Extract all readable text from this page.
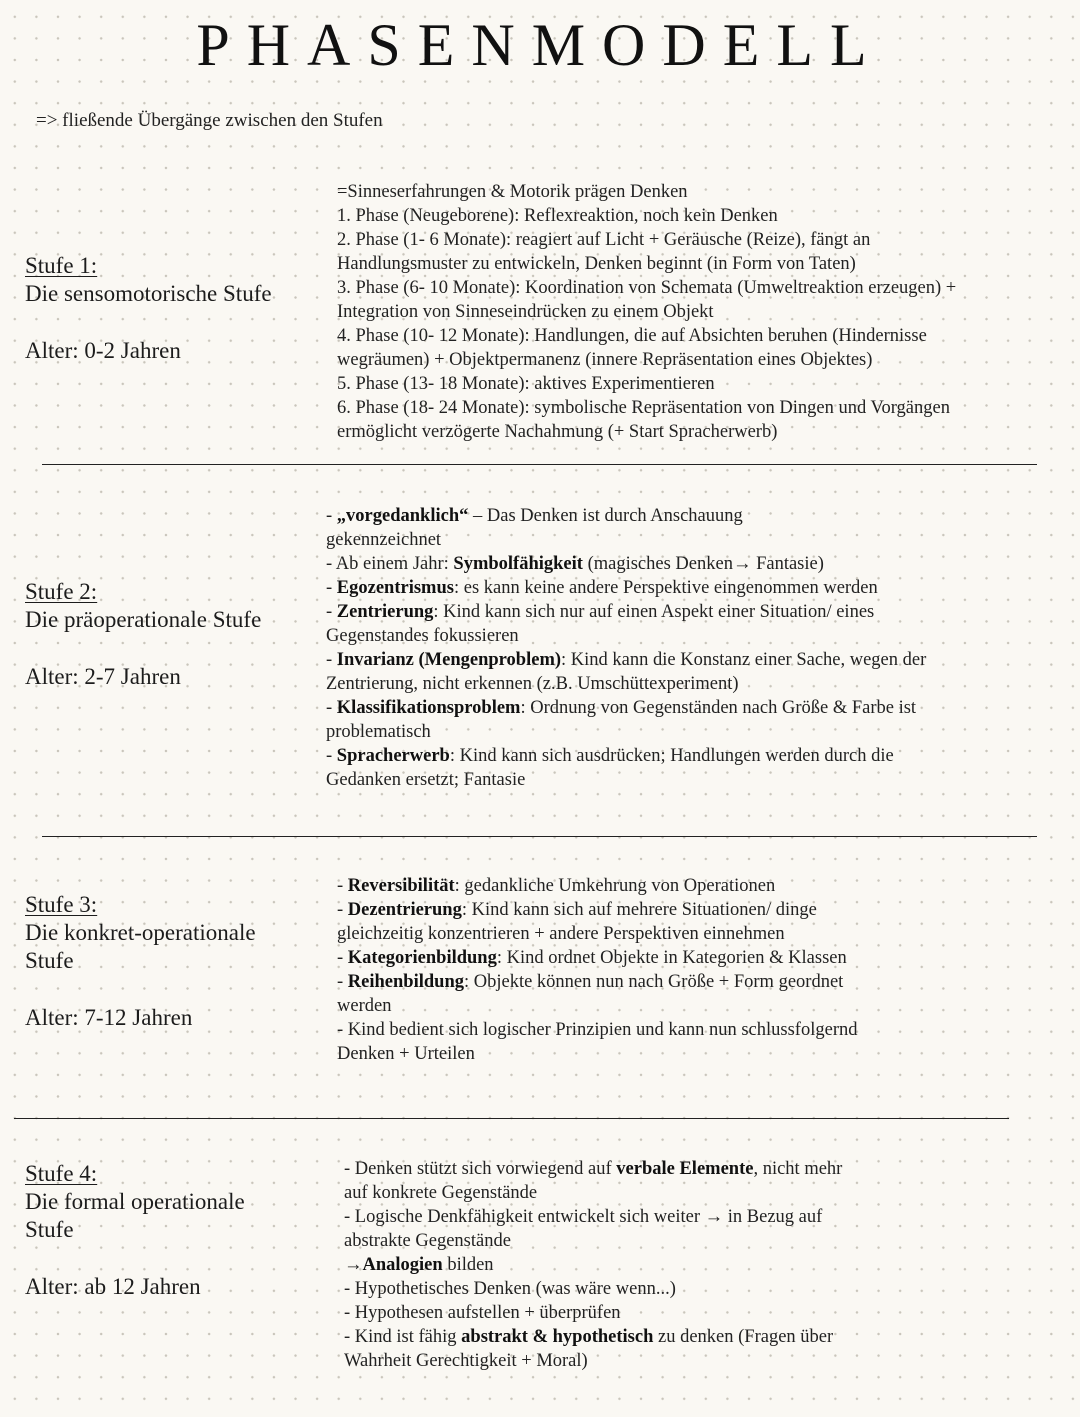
PHASENMODELL
=> fließende Übergänge zwischen den Stufen
Stufe 1:
Die sensomotorische Stufe
Alter: 0-2 Jahren
=Sinneserfahrungen & Motorik prägen Denken
1. Phase (Neugeborene): Reflexreaktion, noch kein Denken
2. Phase (1- 6 Monate): reagiert auf Licht + Geräusche (Reize), fängt an
Handlungsmuster zu entwickeln, Denken beginnt (in Form von Taten)
3. Phase (6- 10 Monate): Koordination von Schemata (Umweltreaktion erzeugen) +
Integration von Sinneseindrücken zu einem Objekt
4. Phase (10- 12 Monate): Handlungen, die auf Absichten beruhen (Hindernisse
wegräumen) + Objektpermanenz (innere Repräsentation eines Objektes)
5. Phase (13- 18 Monate): aktives Experimentieren
6. Phase (18- 24 Monate): symbolische Repräsentation von Dingen und Vorgängen
ermöglicht verzögerte Nachahmung (+ Start Spracherwerb)
Stufe 2:
Die präoperationale Stufe
Alter: 2-7 Jahren
- „vorgedanklich“ – Das Denken ist durch Anschauung
gekennzeichnet
- Ab einem Jahr: Symbolfähigkeit (magisches Denken→ Fantasie)
- Egozentrismus: es kann keine andere Perspektive eingenommen werden
- Zentrierung: Kind kann sich nur auf einen Aspekt einer Situation/ eines
Gegenstandes fokussieren
- Invarianz (Mengenproblem): Kind kann die Konstanz einer Sache, wegen der
Zentrierung, nicht erkennen (z.B. Umschüttexperiment)
- Klassifikationsproblem: Ordnung von Gegenständen nach Größe & Farbe ist
problematisch
- Spracherwerb: Kind kann sich ausdrücken; Handlungen werden durch die
Gedanken ersetzt; Fantasie
Stufe 3:
Die konkret-operationale
Stufe
Alter: 7-12 Jahren
- Reversibilität: gedankliche Umkehrung von Operationen
- Dezentrierung: Kind kann sich auf mehrere Situationen/ dinge
gleichzeitig konzentrieren + andere Perspektiven einnehmen
- Kategorienbildung: Kind ordnet Objekte in Kategorien & Klassen
- Reihenbildung: Objekte können nun nach Größe + Form geordnet
werden
- Kind bedient sich logischer Prinzipien und kann nun schlussfolgernd
Denken + Urteilen
Stufe 4:
Die formal operationale
Stufe
Alter: ab 12 Jahren
- Denken stützt sich vorwiegend auf verbale Elemente, nicht mehr
auf konkrete Gegenstände
- Logische Denkfähigkeit entwickelt sich weiter → in Bezug auf
abstrakte Gegenstände
→Analogien bilden
- Hypothetisches Denken (was wäre wenn...)
- Hypothesen aufstellen + überprüfen
- Kind ist fähig abstrakt & hypothetisch zu denken (Fragen über
Wahrheit Gerechtigkeit + Moral)
